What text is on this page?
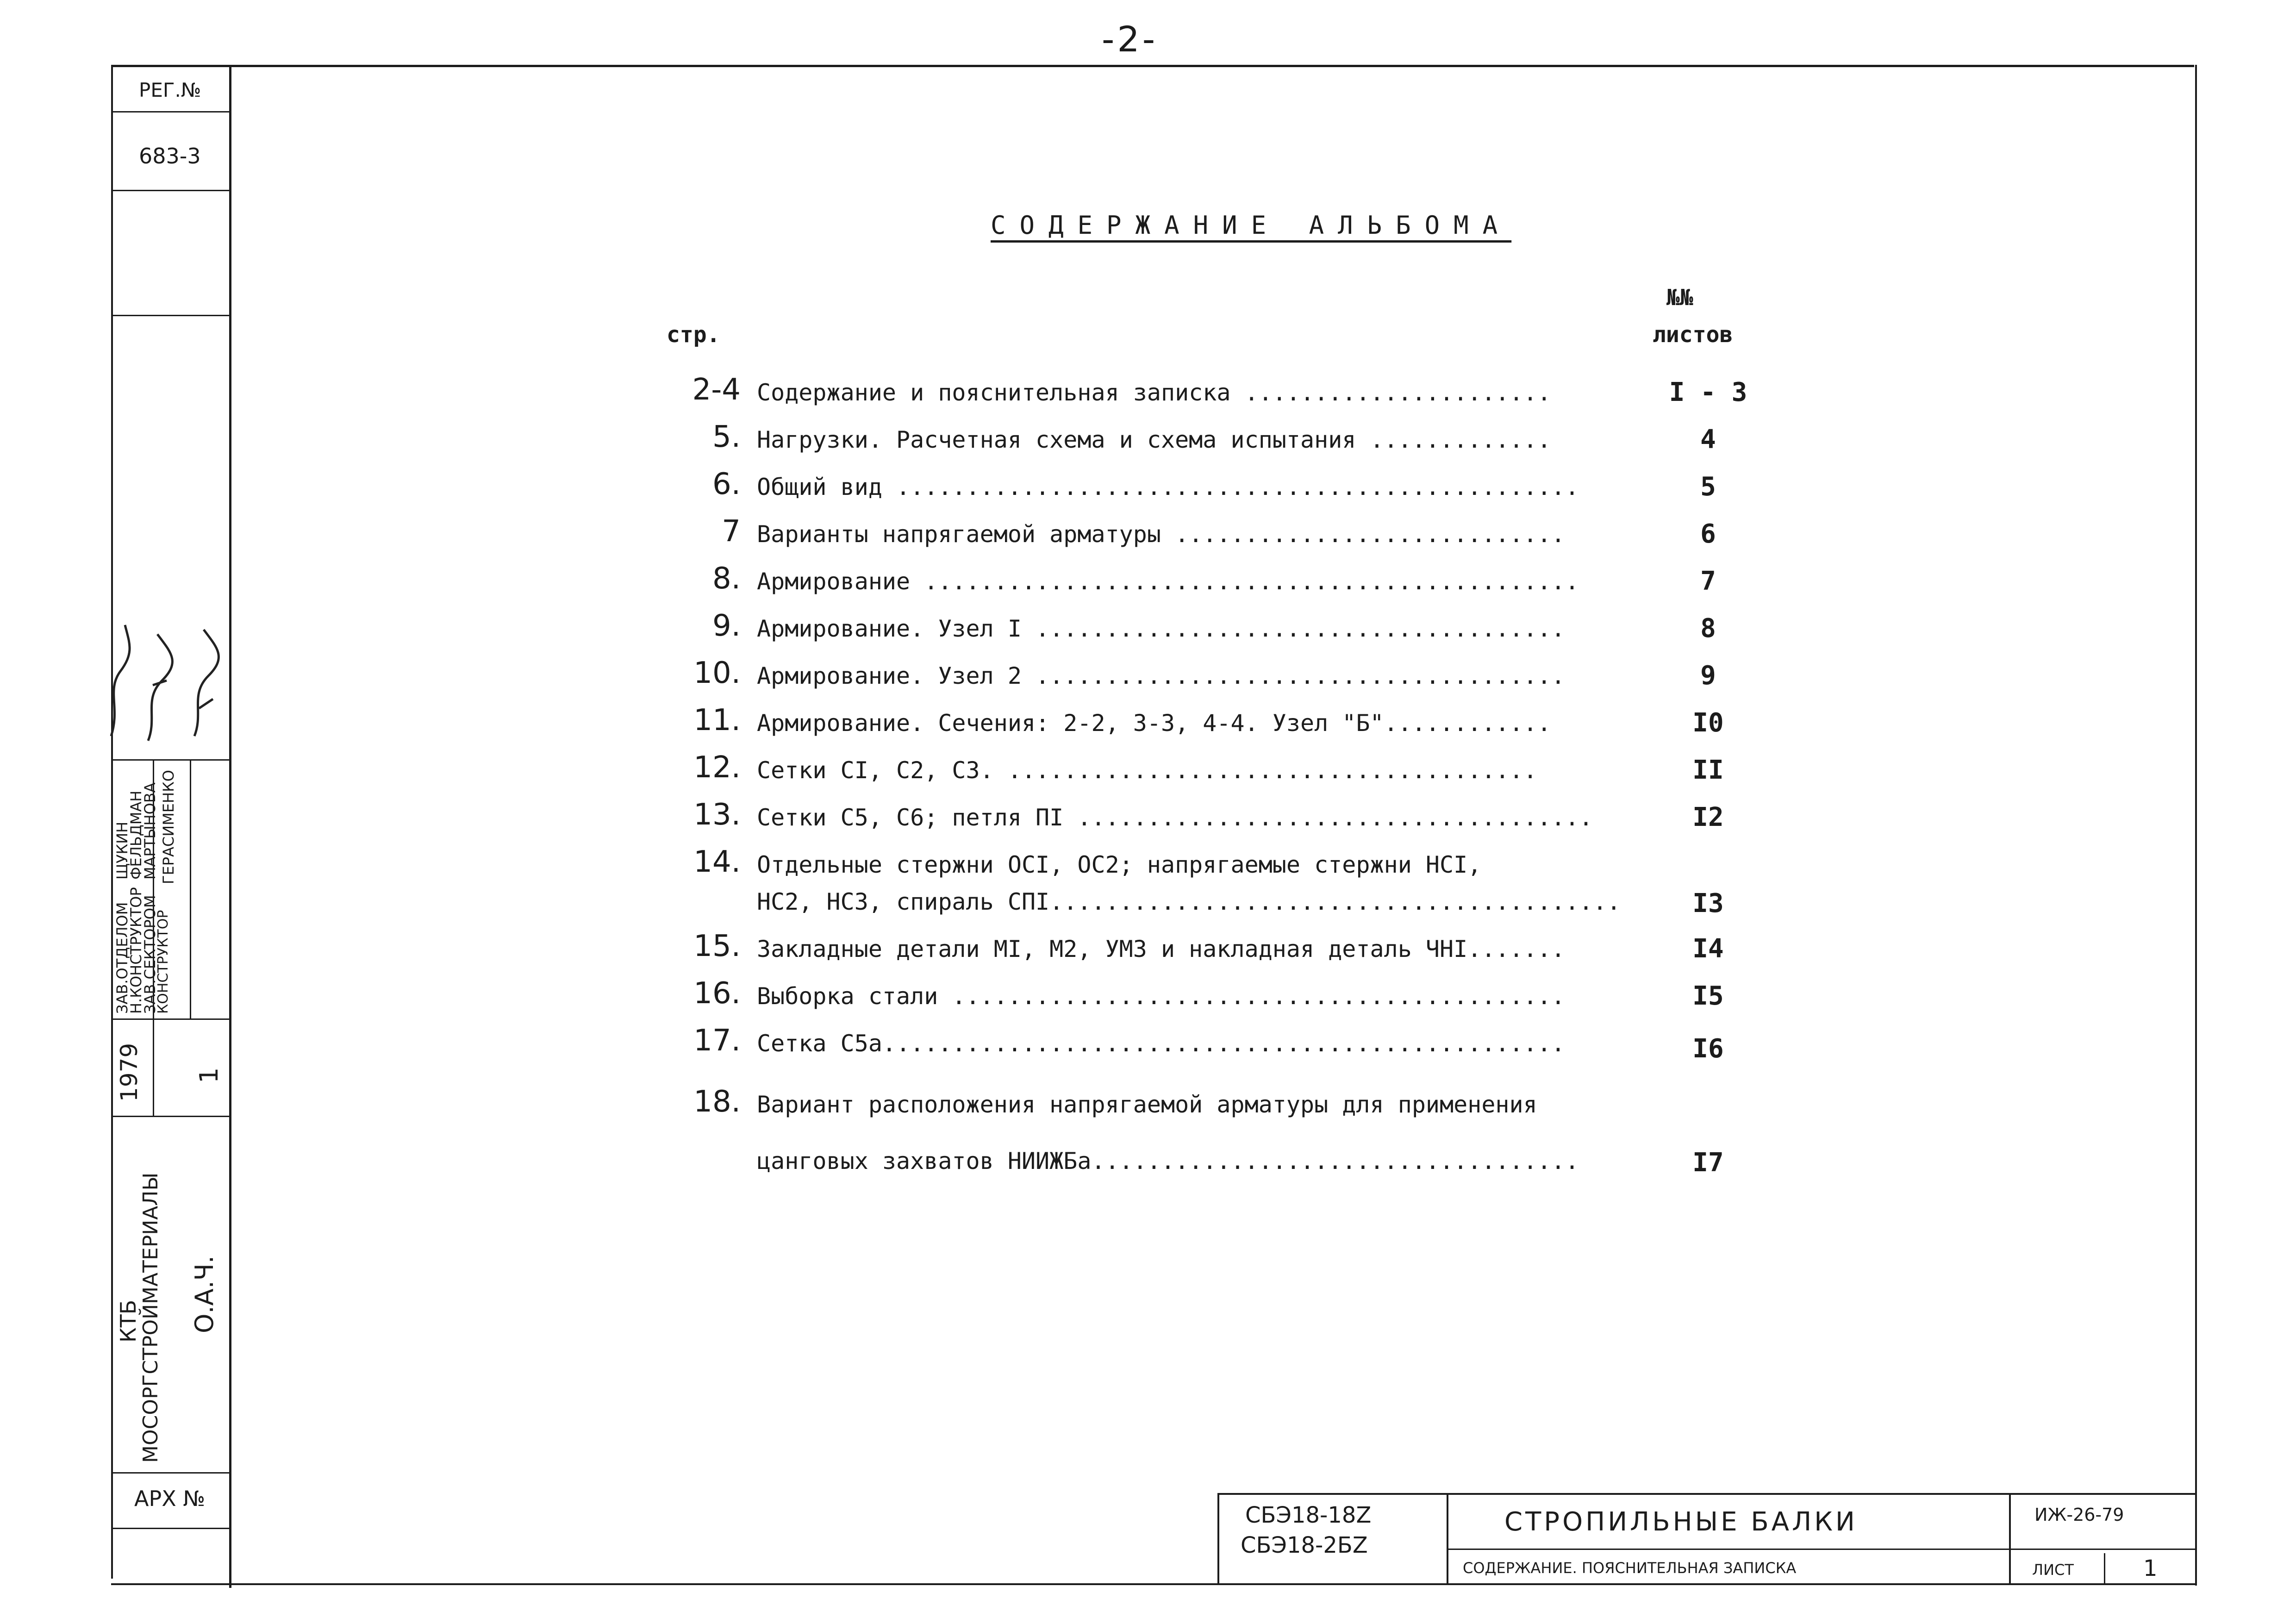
-2-
РЕГ.№
683-3
АРХ №
1979 1
КТБ
МОСОРГСТРОЙМАТЕРИАЛЫ О.А.Ч.
ЗАВ.ОТДЕЛОМ
Н.КОНСТРУКТОР
ЗАВ.СЕКТОРОМ
КОНСТРУКТОР
ЩУКИН
ФЕЛЬДМАН
МАРТЫНОВА ГЕРАСИМЕНКО
СОДЕРЖАНИЕ АЛЬБОМА
стр.
№№
листов
2-4 Содержание и пояснительная записка ......................	I - 3
5. Нагрузки. Расчетная схема и схема испытания .............	4
6. Общий вид .................................................	5
7 Варианты напрягаемой арматуры ............................	6
8. Армирование ...............................................	7
9. Армирование. Узел I ......................................	8
10. Армирование. Узел 2 ......................................	9
11. Армирование. Сечения: 2-2, 3-3, 4-4. Узел "Б"............	I0
12. Сетки СI, С2, С3. ......................................	II
13. Сетки С5, С6; петля ПI .....................................	I2
14. Отдельные стержни ОСI, ОС2; напрягаемые стержни НСI,
НС2, НС3, спираль СПI.........................................	I3
15. Закладные детали МI, М2, УМ3 и накладная деталь ЧНI.......	I4
16. Выборка стали ............................................	I5
17. Сетка С5а.................................................	I6
18. Вариант расположения напрягаемой арматуры для применения
цанговых захватов НИИЖБа...................................	I7
СБЭ18-18Z
СБЭ18-2БZ
СТРОПИЛЬНЫЕ БАЛКИ
СОДЕРЖАНИЕ. ПОЯСНИТЕЛЬНАЯ ЗАПИСКА
ИЖ-26-79
ЛИСТ	1
